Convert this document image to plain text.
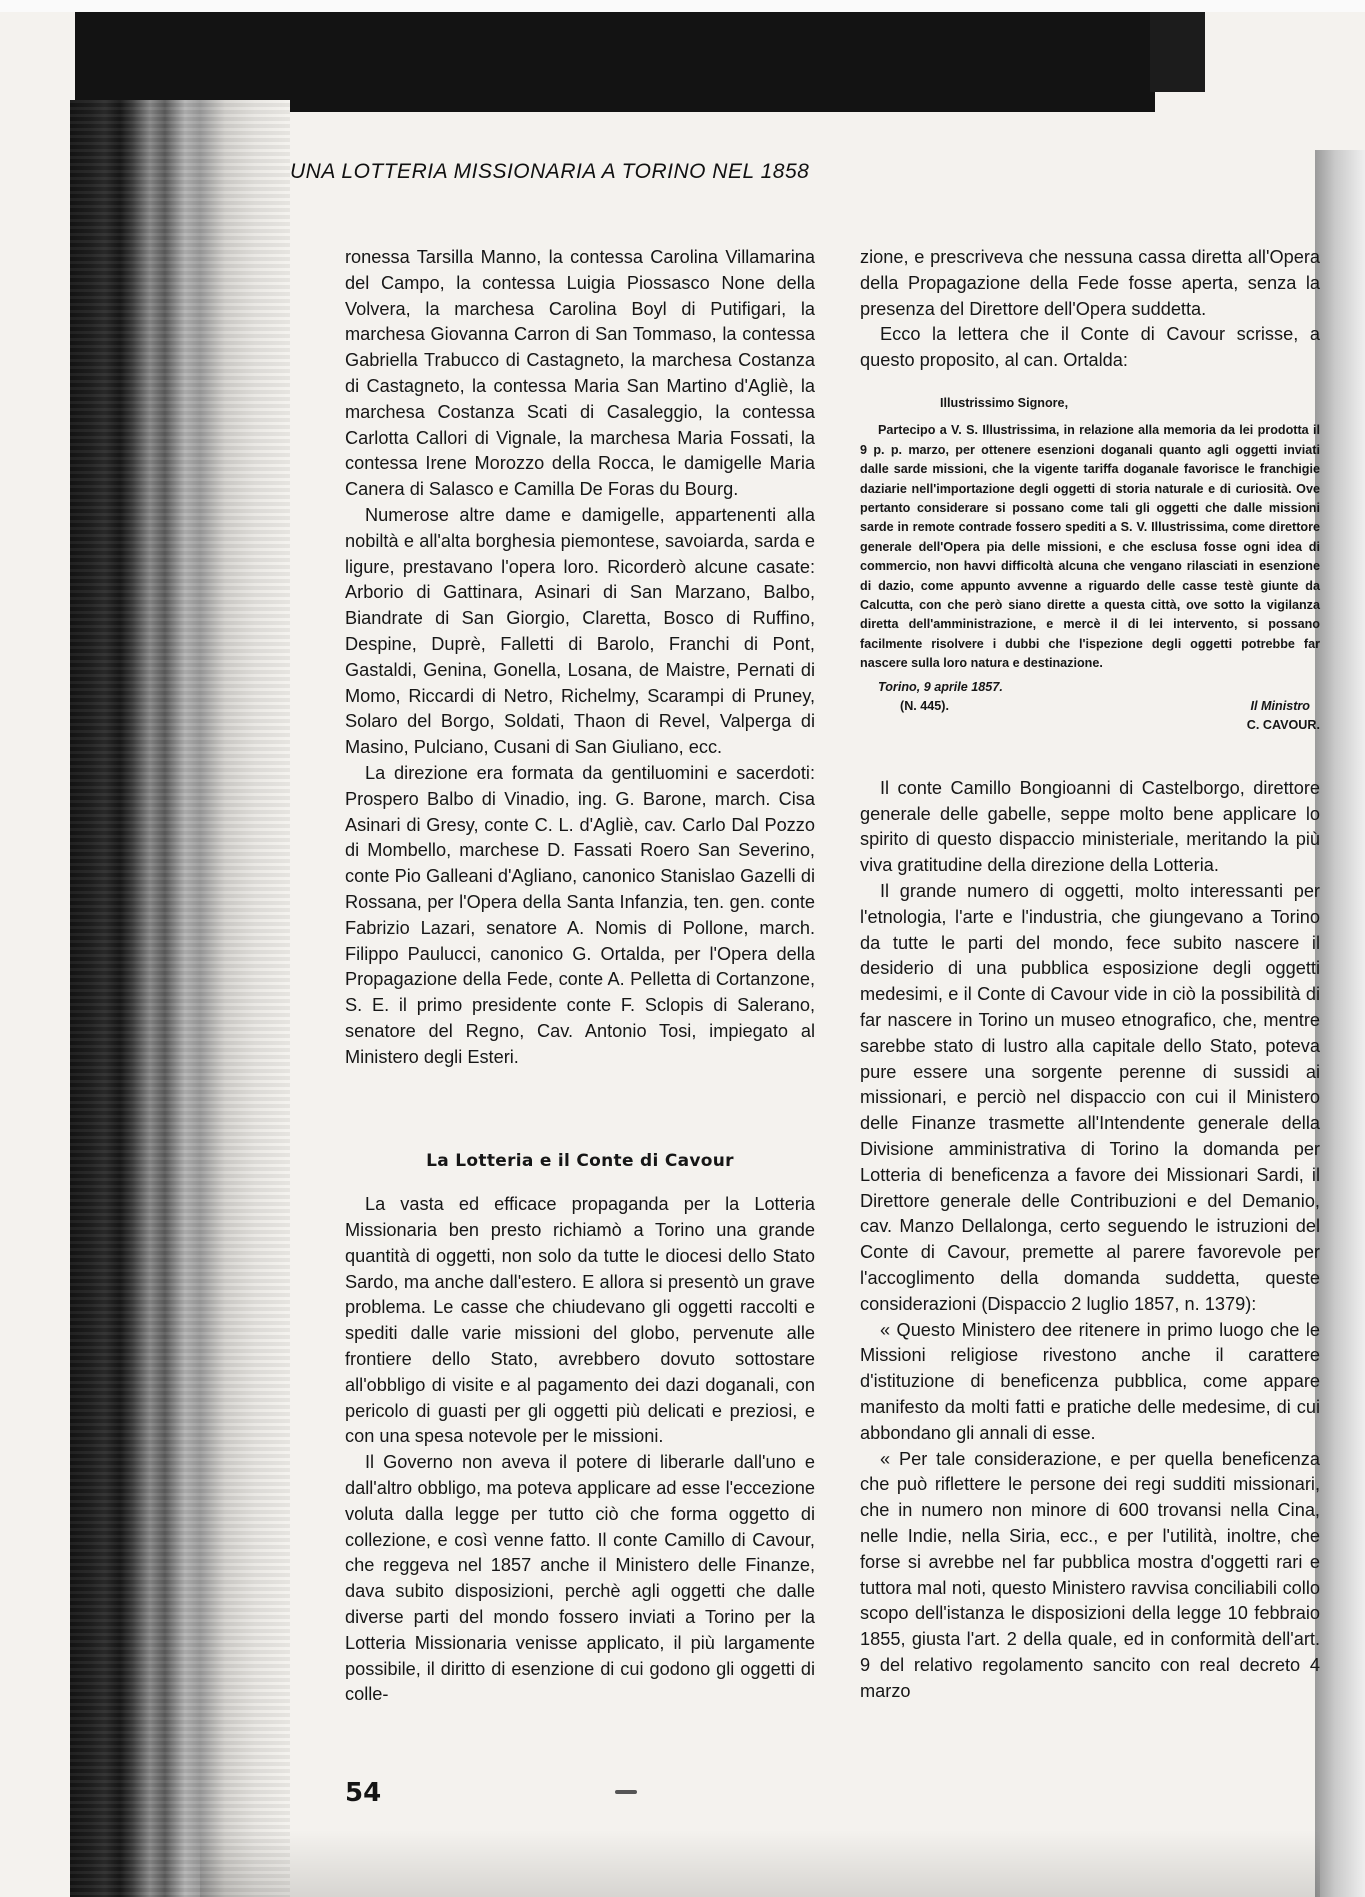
UNA LOTTERIA MISSIONARIA A TORINO NEL 1858

ronessa Tarsilla Manno, la contessa Carolina Villamarina del Campo, la contessa Luigia Piossasco None della Volvera, la marchesa Carolina Boyl di Putifigari, la marchesa Giovanna Carron di San Tommaso, la contessa Gabriella Trabucco di Castagneto, la marchesa Costanza di Castagneto, la contessa Maria San Martino d'Agliè, la marchesa Costanza Scati di Casaleggio, la contessa Carlotta Callori di Vignale, la marchesa Maria Fossati, la contessa Irene Morozzo della Rocca, le damigelle Maria Canera di Salasco e Camilla De Foras du Bourg.

Numerose altre dame e damigelle, appartenenti alla nobiltà e all'alta borghesia piemontese, savoiarda, sarda e ligure, prestavano l'opera loro. Ricorderò alcune casate: Arborio di Gattinara, Asinari di San Marzano, Balbo, Biandrate di San Giorgio, Claretta, Bosco di Ruffino, Despine, Duprè, Falletti di Barolo, Franchi di Pont, Gastaldi, Genina, Gonella, Losana, de Maistre, Pernati di Momo, Riccardi di Netro, Richelmy, Scarampi di Pruney, Solaro del Borgo, Soldati, Thaon di Revel, Valperga di Masino, Pulciano, Cusani di San Giuliano, ecc.

La direzione era formata da gentiluomini e sacerdoti: Prospero Balbo di Vinadio, ing. G. Barone, march. Cisa Asinari di Gresy, conte C. L. d'Agliè, cav. Carlo Dal Pozzo di Mombello, marchese D. Fassati Roero San Severino, conte Pio Galleani d'Agliano, canonico Stanislao Gazelli di Rossana, per l'Opera della Santa Infanzia, ten. gen. conte Fabrizio Lazari, senatore A. Nomis di Pollone, march. Filippo Paulucci, canonico G. Ortalda, per l'Opera della Propagazione della Fede, conte A. Pelletta di Cortanzone, S. E. il primo presidente conte F. Sclopis di Salerano, senatore del Regno, Cav. Antonio Tosi, impiegato al Ministero degli Esteri.

La Lotteria e il Conte di Cavour

La vasta ed efficace propaganda per la Lotteria Missionaria ben presto richiamò a Torino una grande quantità di oggetti, non solo da tutte le diocesi dello Stato Sardo, ma anche dall'estero. E allora si presentò un grave problema. Le casse che chiudevano gli oggetti raccolti e spediti dalle varie missioni del globo, pervenute alle frontiere dello Stato, avrebbero dovuto sottostare all'obbligo di visite e al pagamento dei dazi doganali, con pericolo di guasti per gli oggetti più delicati e preziosi, e con una spesa notevole per le missioni.

Il Governo non aveva il potere di liberarle dall'uno e dall'altro obbligo, ma poteva applicare ad esse l'eccezione voluta dalla legge per tutto ciò che forma oggetto di collezione, e così venne fatto. Il conte Camillo di Cavour, che reggeva nel 1857 anche il Ministero delle Finanze, dava subito disposizioni, perchè agli oggetti che dalle diverse parti del mondo fossero inviati a Torino per la Lotteria Missionaria venisse applicato, il più largamente possibile, il diritto di esenzione di cui godono gli oggetti di colle-

zione, e prescriveva che nessuna cassa diretta all'Opera della Propagazione della Fede fosse aperta, senza la presenza del Direttore dell'Opera suddetta.

Ecco la lettera che il Conte di Cavour scrisse, a questo proposito, al can. Ortalda:

Illustrissimo Signore,

Partecipo a V. S. Illustrissima, in relazione alla memoria da lei prodotta il 9 p. p. marzo, per ottenere esenzioni doganali quanto agli oggetti inviati dalle sarde missioni, che la vigente tariffa doganale favorisce le franchigie daziarie nell'importazione degli oggetti di storia naturale e di curiosità. Ove pertanto considerare si possano come tali gli oggetti che dalle missioni sarde in remote contrade fossero spediti a S. V. Illustrissima, come direttore generale dell'Opera pia delle missioni, e che esclusa fosse ogni idea di commercio, non havvi difficoltà alcuna che vengano rilasciati in esenzione di dazio, come appunto avvenne a riguardo delle casse testè giunte da Calcutta, con che però siano dirette a questa città, ove sotto la vigilanza diretta dell'amministrazione, e mercè il di lei intervento, si possano facilmente risolvere i dubbi che l'ispezione degli oggetti potrebbe far nascere sulla loro natura e destinazione.

Torino, 9 aprile 1857.

(N. 445).	Il Ministro

C. CAVOUR.

Il conte Camillo Bongioanni di Castelborgo, direttore generale delle gabelle, seppe molto bene applicare lo spirito di questo dispaccio ministeriale, meritando la più viva gratitudine della direzione della Lotteria.

Il grande numero di oggetti, molto interessanti per l'etnologia, l'arte e l'industria, che giungevano a Torino da tutte le parti del mondo, fece subito nascere il desiderio di una pubblica esposizione degli oggetti medesimi, e il Conte di Cavour vide in ciò la possibilità di far nascere in Torino un museo etnografico, che, mentre sarebbe stato di lustro alla capitale dello Stato, poteva pure essere una sorgente perenne di sussidi ai missionari, e perciò nel dispaccio con cui il Ministero delle Finanze trasmette all'Intendente generale della Divisione amministrativa di Torino la domanda per Lotteria di beneficenza a favore dei Missionari Sardi, il Direttore generale delle Contribuzioni e del Demanio, cav. Manzo Dellalonga, certo seguendo le istruzioni del Conte di Cavour, premette al parere favorevole per l'accoglimento della domanda suddetta, queste considerazioni (Dispaccio 2 luglio 1857, n. 1379):

« Questo Ministero dee ritenere in primo luogo che le Missioni religiose rivestono anche il carattere d'istituzione di beneficenza pubblica, come appare manifesto da molti fatti e pratiche delle medesime, di cui abbondano gli annali di esse.

« Per tale considerazione, e per quella beneficenza che può riflettere le persone dei regi sudditi missionari, che in numero non minore di 600 trovansi nella Cina, nelle Indie, nella Siria, ecc., e per l'utilità, inoltre, che forse si avrebbe nel far pubblica mostra d'oggetti rari e tuttora mal noti, questo Ministero ravvisa conciliabili collo scopo dell'istanza le disposizioni della legge 10 febbraio 1855, giusta l'art. 2 della quale, ed in conformità dell'art. 9 del relativo regolamento sancito con real decreto 4 marzo

54
